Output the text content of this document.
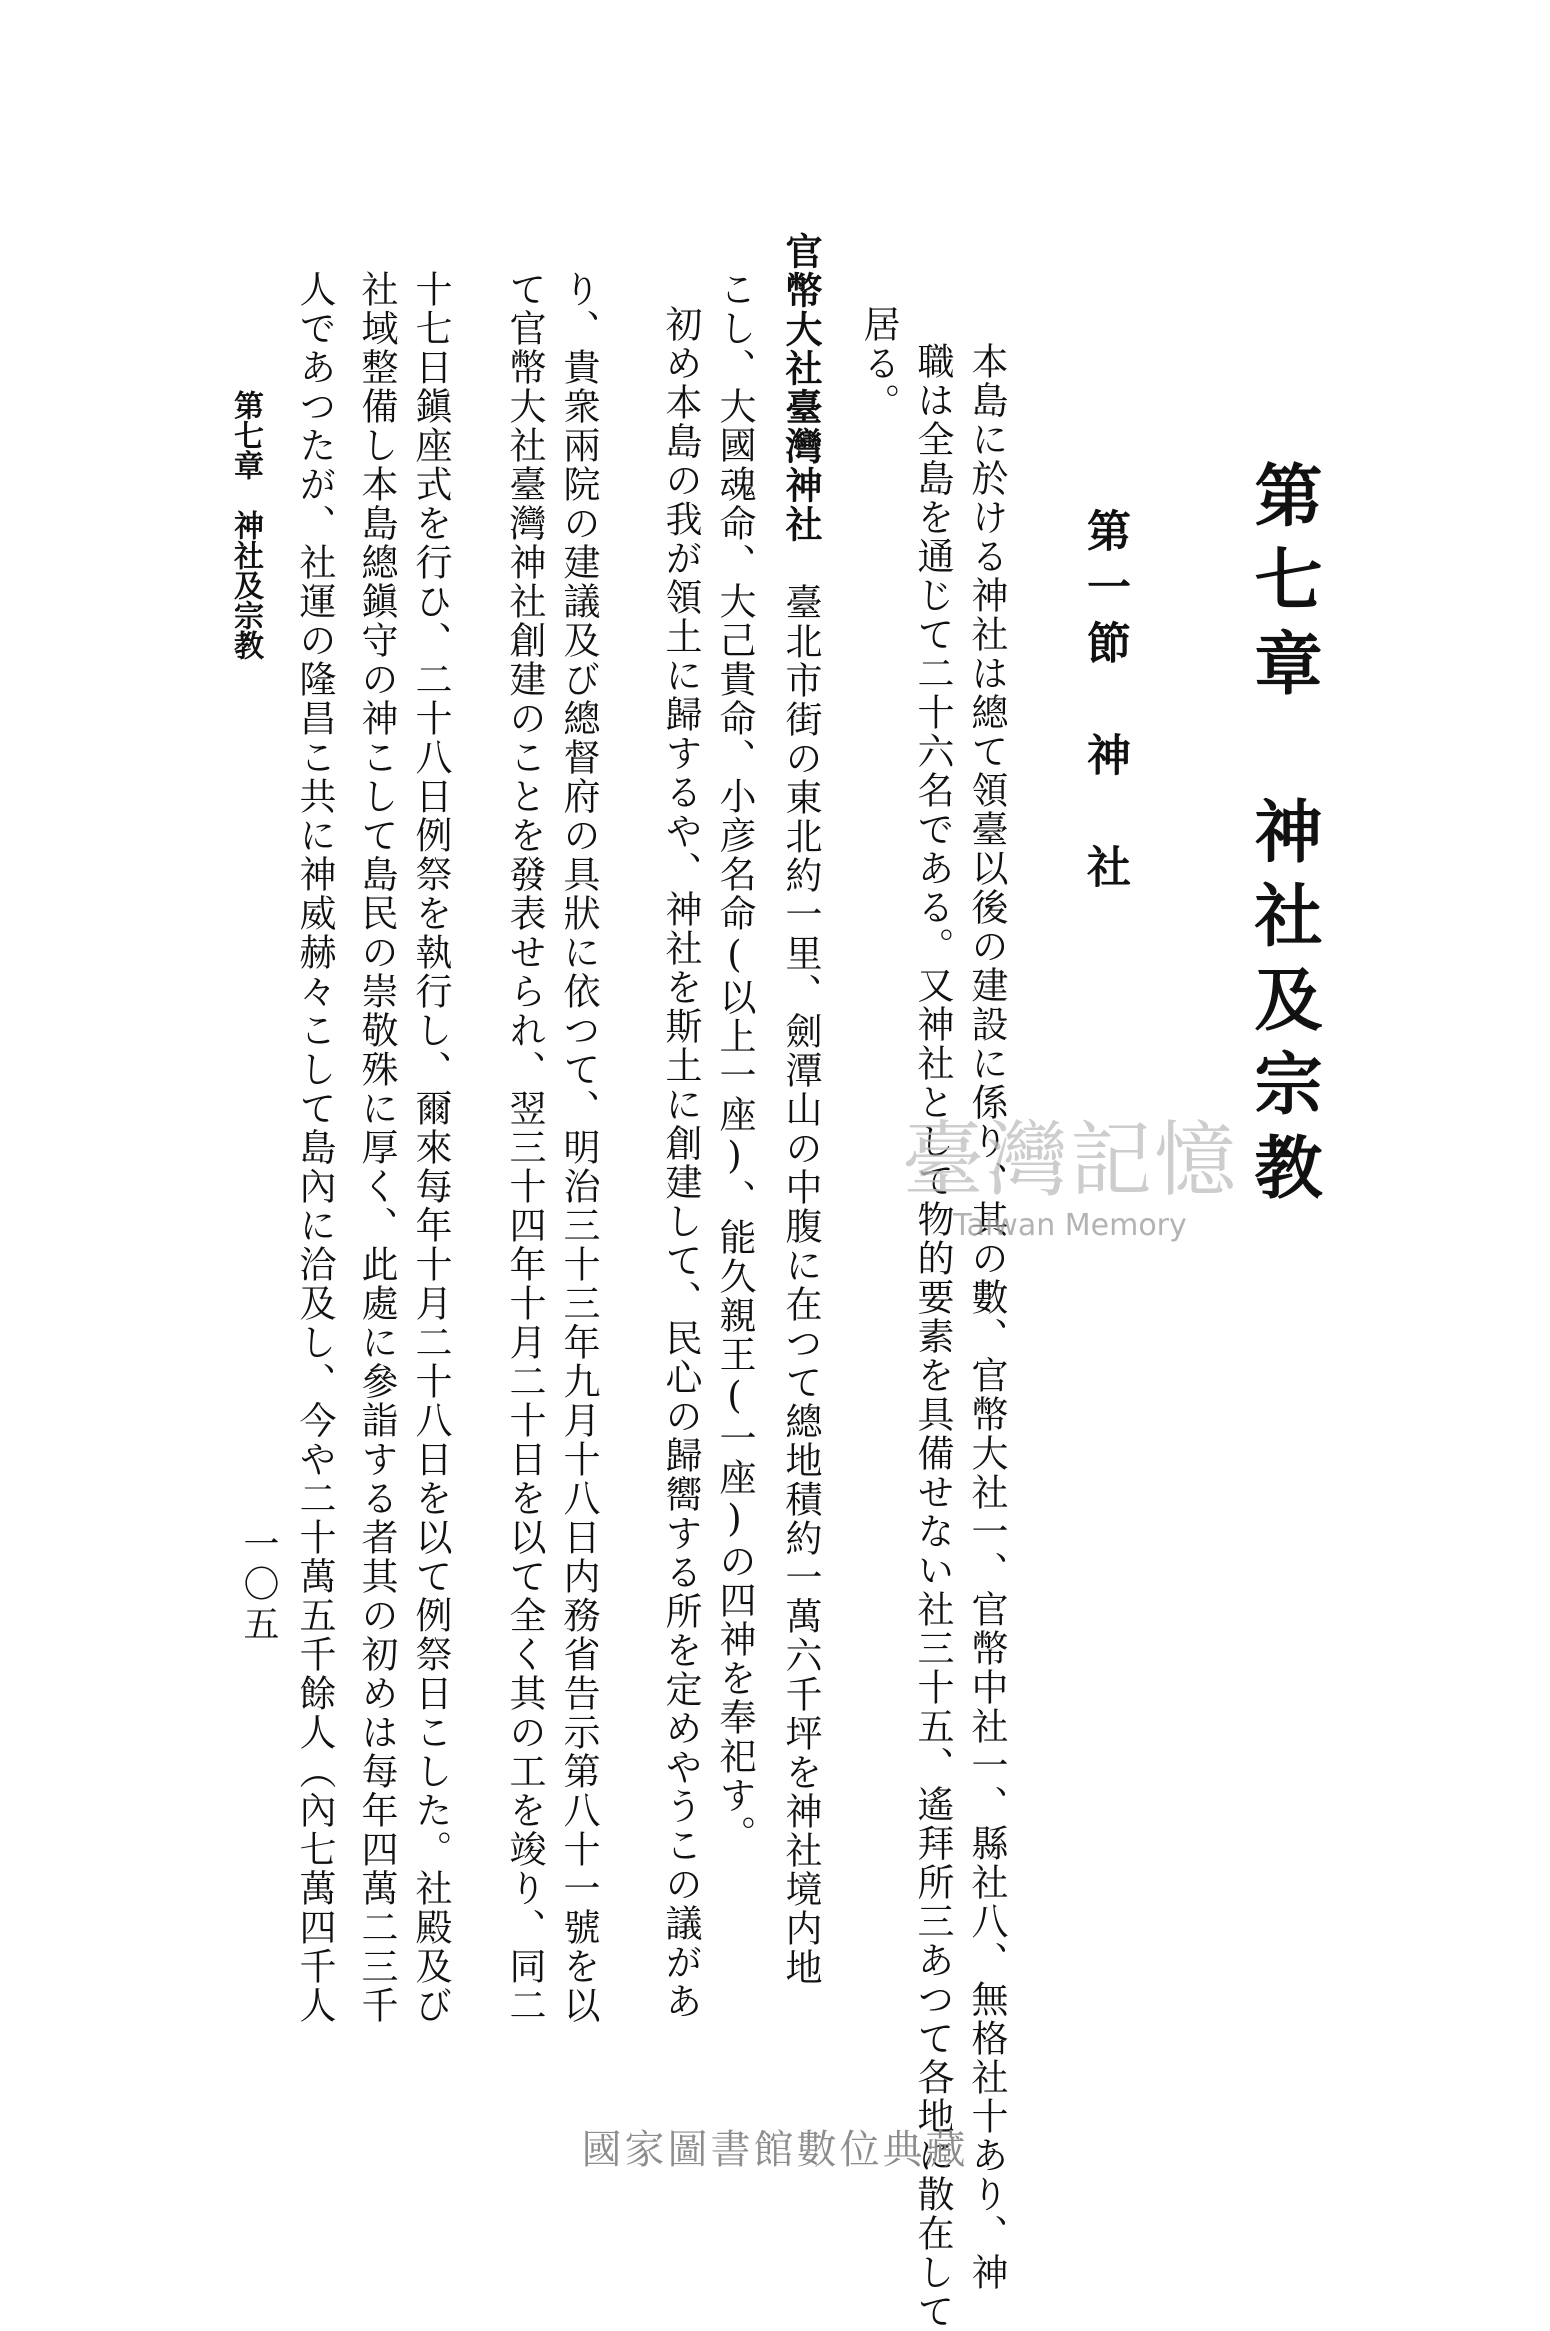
第七章　神社及宗教
第一節　神　社
本島に於ける神社は總て領臺以後の建設に係り、其の數、官幣大社一、官幣中社一、縣社八、無格社十あり、神
職は全島を通じて二十六名である。又神社として物的要素を具備せない社三十五、遙拜所三あつて各地に散在して
居る。
官幣大社臺灣神社　臺北市街の東北約一里、劍潭山の中腹に在つて總地積約一萬六千坪を神社境内地
こし、大國魂命、大己貴命、小彦名命(以上一座)、能久親王(一座)の四神を奉祀す。
初め本島の我が領土に歸するや、神社を斯土に創建して、民心の歸嚮する所を定めやうこの議があ
り、貴衆兩院の建議及び總督府の具狀に依つて、明治三十三年九月十八日内務省告示第八十一號を以
て官幣大社臺灣神社創建のことを發表せられ、翌三十四年十月二十日を以て全く其の工を竣り、同二
十七日鎭座式を行ひ、二十八日例祭を執行し、爾來每年十月二十八日を以て例祭日こした。社殿及び
社域整備し本島總鎭守の神こして島民の崇敬殊に厚く、此處に參詣する者其の初めは每年四萬二三千
人であつたが、社運の隆昌こ共に神威赫々こして島內に洽及し、今や二十萬五千餘人（內七萬四千人
第七章　神社及宗教
一〇五
臺灣記憶
Taiwan Memory
國家圖書館數位典藏
